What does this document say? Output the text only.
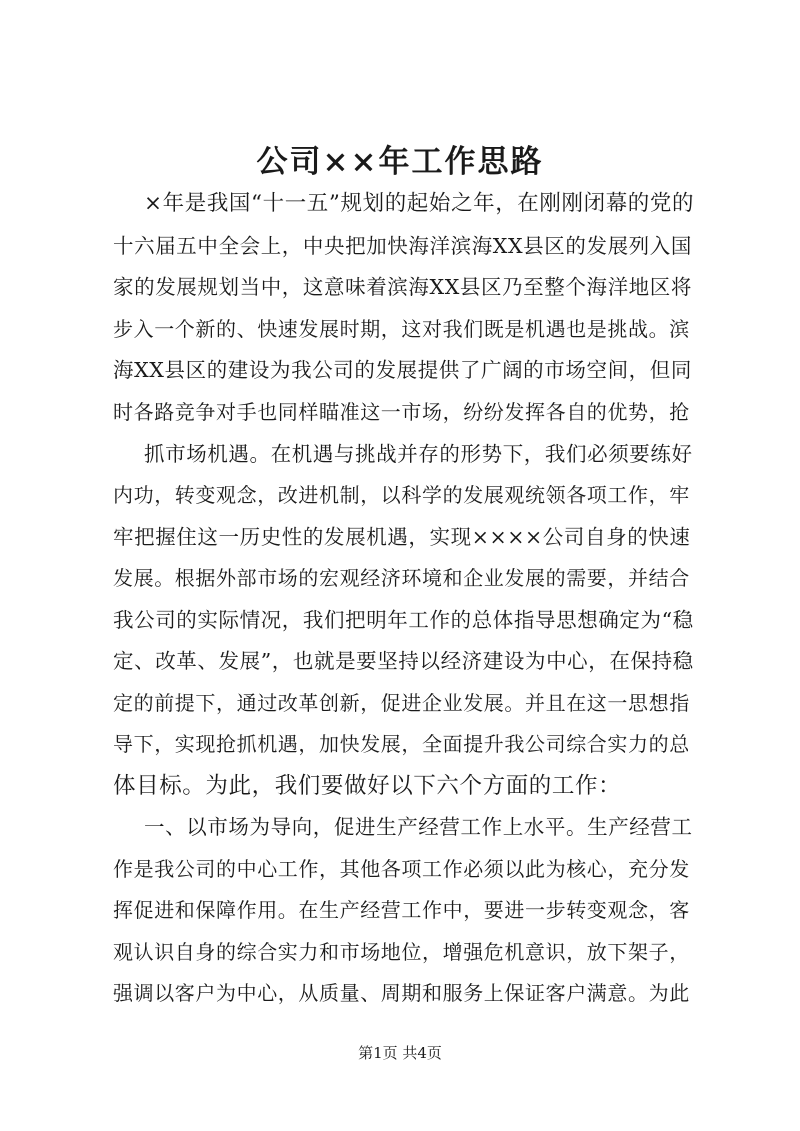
公司××年工作思路
×年是我国“十一五”规划的起始之年，在刚刚闭幕的党的
十六届五中全会上，中央把加快海洋滨海XX县区的发展列入国
家的发展规划当中，这意味着滨海XX县区乃至整个海洋地区将
步入一个新的、快速发展时期，这对我们既是机遇也是挑战。滨
海XX县区的建设为我公司的发展提供了广阔的市场空间，但同
时各路竞争对手也同样瞄准这一市场，纷纷发挥各自的优势，抢
抓市场机遇。在机遇与挑战并存的形势下，我们必须要练好
内功，转变观念，改进机制，以科学的发展观统领各项工作，牢
牢把握住这一历史性的发展机遇，实现××××公司自身的快速
发展。根据外部市场的宏观经济环境和企业发展的需要，并结合
我公司的实际情况，我们把明年工作的总体指导思想确定为“稳
定、改革、发展”，也就是要坚持以经济建设为中心，在保持稳
定的前提下，通过改革创新，促进企业发展。并且在这一思想指
导下，实现抢抓机遇，加快发展，全面提升我公司综合实力的总
体目标。为此，我们要做好以下六个方面的工作：
一、以市场为导向，促进生产经营工作上水平。生产经营工
作是我公司的中心工作，其他各项工作必须以此为核心，充分发
挥促进和保障作用。在生产经营工作中，要进一步转变观念，客
观认识自身的综合实力和市场地位，增强危机意识，放下架子，
强调以客户为中心，从质量、周期和服务上保证客户满意。为此
第1页 共4页
